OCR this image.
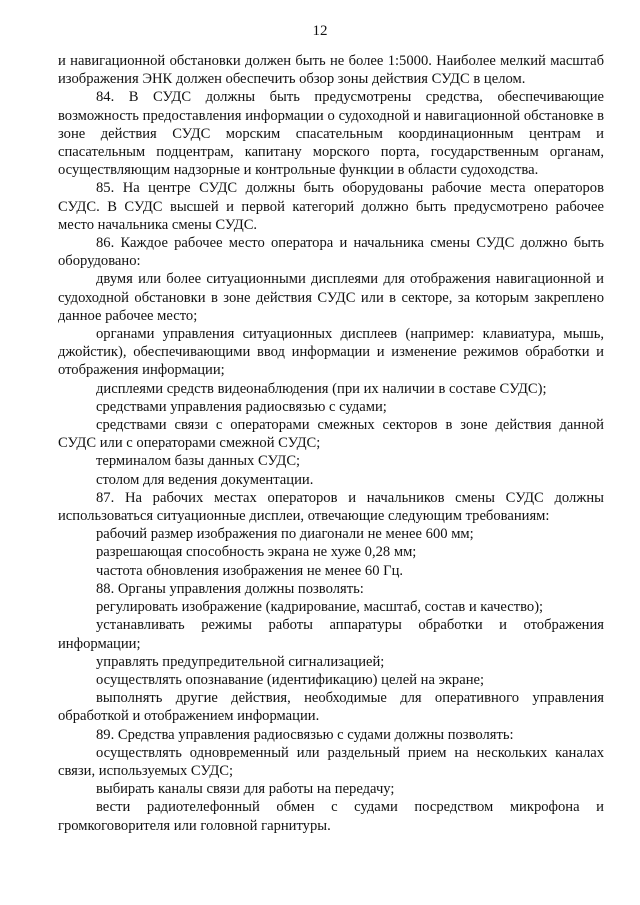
12

и навигационной обстановки должен быть не более 1:5000. Наиболее мелкий масштаб изображения ЭНК должен обеспечить обзор зоны действия СУДС в целом.

84. В СУДС должны быть предусмотрены средства, обеспечивающие возможность предоставления информации о судоходной и навигационной обстановке в зоне действия СУДС морским спасательным координационным центрам и спасательным подцентрам, капитану морского порта, государственным органам, осуществляющим надзорные и контрольные функции в области судоходства.

85. На центре СУДС должны быть оборудованы рабочие места операторов СУДС. В СУДС высшей и первой категорий должно быть предусмотрено рабочее место начальника смены СУДС.

86. Каждое рабочее место оператора и начальника смены СУДС должно быть оборудовано:

двумя или более ситуационными дисплеями для отображения навигационной и судоходной обстановки в зоне действия СУДС или в секторе, за которым закреплено данное рабочее место;

органами управления ситуационных дисплеев (например: клавиатура, мышь, джойстик), обеспечивающими ввод информации и изменение режимов обработки и отображения информации;

дисплеями средств видеонаблюдения (при их наличии в составе СУДС);

средствами управления радиосвязью с судами;

средствами связи с операторами смежных секторов в зоне действия данной СУДС или с операторами смежной СУДС;

терминалом базы данных СУДС;

столом для ведения документации.

87. На рабочих местах операторов и начальников смены СУДС должны использоваться ситуационные дисплеи, отвечающие следующим требованиям:

рабочий размер изображения по диагонали не менее 600 мм;

разрешающая способность экрана не хуже 0,28 мм;

частота обновления изображения не менее 60 Гц.

88. Органы управления должны позволять:

регулировать изображение (кадрирование, масштаб, состав и качество);

устанавливать режимы работы аппаратуры обработки и отображения информации;

управлять предупредительной сигнализацией;

осуществлять опознавание (идентификацию) целей на экране;

выполнять другие действия, необходимые для оперативного управления обработкой и отображением информации.

89. Средства управления радиосвязью с судами должны позволять:

осуществлять одновременный или раздельный прием на нескольких каналах связи, используемых СУДС;

выбирать каналы связи для работы на передачу;

вести радиотелефонный обмен с судами посредством микрофона и громкоговорителя или головной гарнитуры.
